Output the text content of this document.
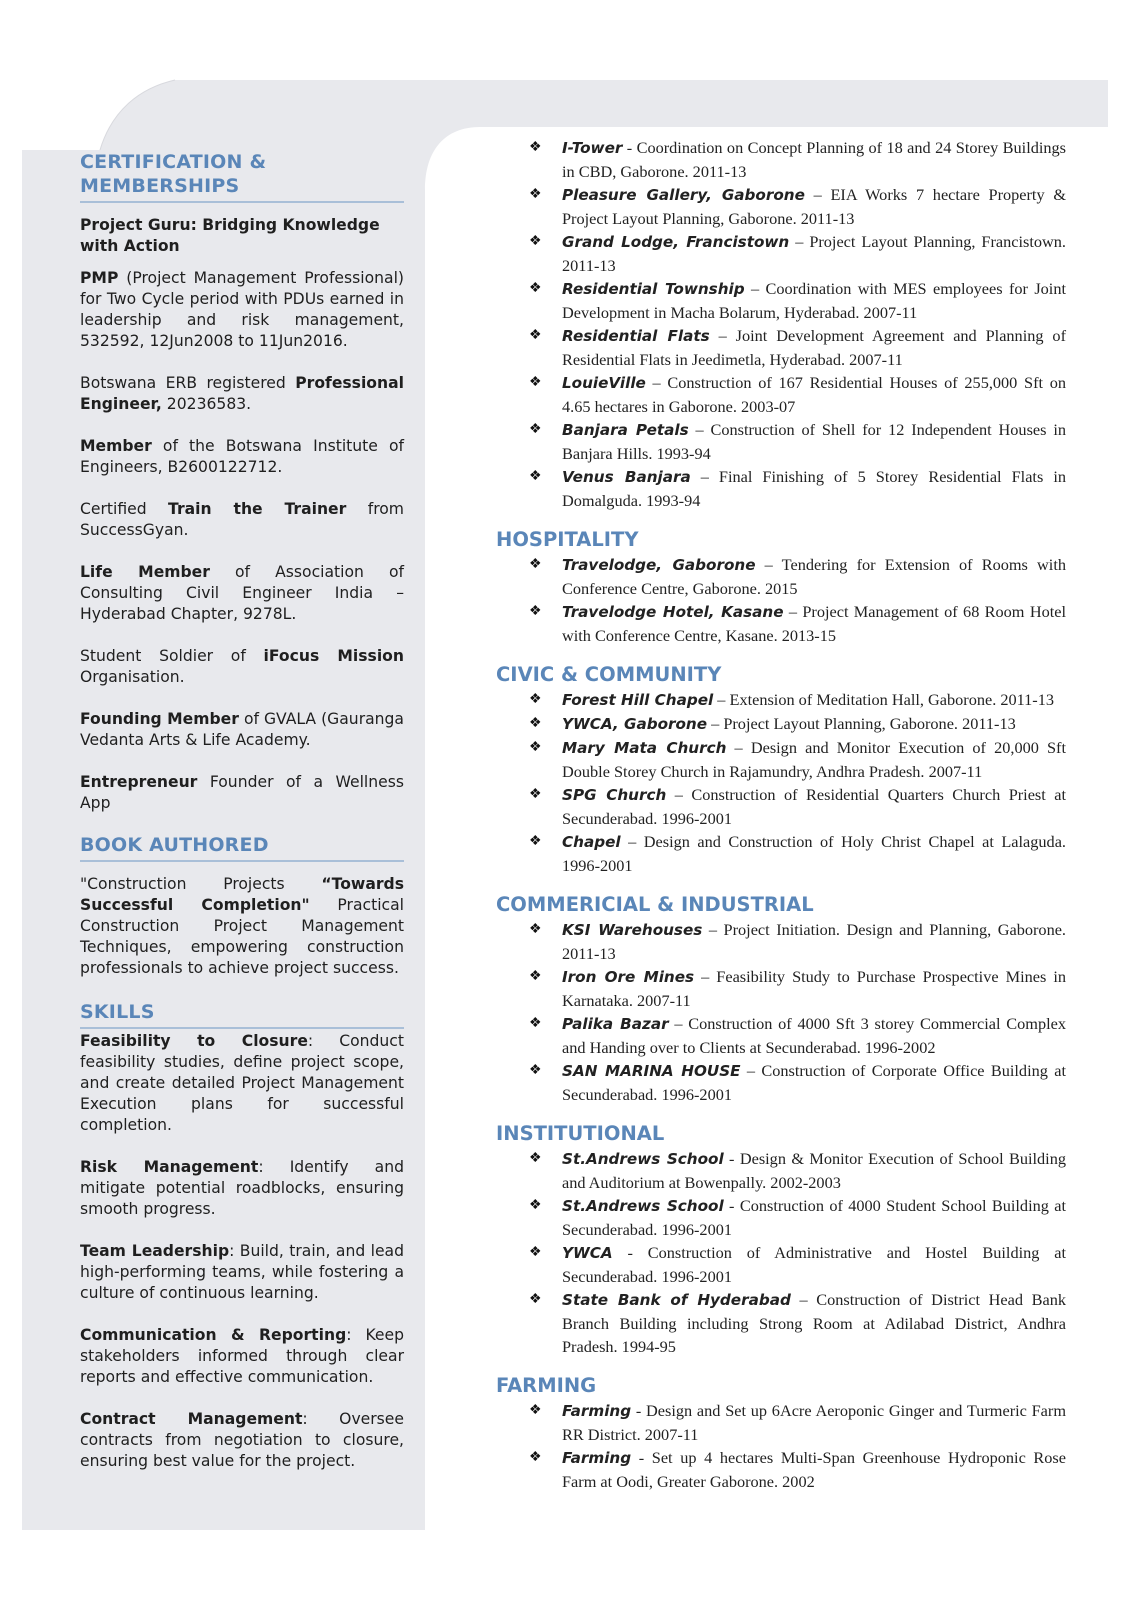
CERTIFICATION & MEMBERSHIPS
Project Guru: Bridging Knowledge with Action
PMP (Project Management Professional) for Two Cycle period with PDUs earned in leadership and risk management, 532592, 12Jun2008 to 11Jun2016.
Botswana ERB registered Professional Engineer, 20236583.
Member of the Botswana Institute of Engineers, B2600122712.
Certified Train the Trainer from SuccessGyan.
Life Member of Association of Consulting Civil Engineer India – Hyderabad Chapter, 9278L.
Student Soldier of iFocus Mission Organisation.
Founding Member of GVALA (Gauranga Vedanta Arts & Life Academy.
Entrepreneur Founder of a Wellness App
BOOK AUTHORED
"Construction Projects “Towards Successful Completion" Practical Construction Project Management Techniques, empowering construction professionals to achieve project success.
SKILLS
Feasibility to Closure: Conduct feasibility studies, define project scope, and create detailed Project Management Execution plans for successful completion.
Risk Management: Identify and mitigate potential roadblocks, ensuring smooth progress.
Team Leadership: Build, train, and lead high-performing teams, while fostering a culture of continuous learning.
Communication & Reporting: Keep stakeholders informed through clear reports and effective communication.
Contract Management: Oversee contracts from negotiation to closure, ensuring best value for the project.
❖ I-Tower - Coordination on Concept Planning of 18 and 24 Storey Buildings in CBD, Gaborone. 2011-13
❖ Pleasure Gallery, Gaborone – EIA Works 7 hectare Property & Project Layout Planning, Gaborone. 2011-13
❖ Grand Lodge, Francistown – Project Layout Planning, Francistown. 2011-13
❖ Residential Township – Coordination with MES employees for Joint Development in Macha Bolarum, Hyderabad. 2007-11
❖ Residential Flats – Joint Development Agreement and Planning of Residential Flats in Jeedimetla, Hyderabad. 2007-11
❖ LouieVille – Construction of 167 Residential Houses of 255,000 Sft on 4.65 hectares in Gaborone. 2003-07
❖ Banjara Petals – Construction of Shell for 12 Independent Houses in Banjara Hills. 1993-94
❖ Venus Banjara – Final Finishing of 5 Storey Residential Flats in Domalguda. 1993-94
HOSPITALITY
❖ Travelodge, Gaborone – Tendering for Extension of Rooms with Conference Centre, Gaborone. 2015
❖ Travelodge Hotel, Kasane – Project Management of 68 Room Hotel with Conference Centre, Kasane. 2013-15
CIVIC & COMMUNITY
❖ Forest Hill Chapel – Extension of Meditation Hall, Gaborone. 2011-13
❖ YWCA, Gaborone – Project Layout Planning, Gaborone. 2011-13
❖ Mary Mata Church – Design and Monitor Execution of 20,000 Sft Double Storey Church in Rajamundry, Andhra Pradesh. 2007-11
❖ SPG Church – Construction of Residential Quarters Church Priest at Secunderabad. 1996-2001
❖ Chapel – Design and Construction of Holy Christ Chapel at Lalaguda. 1996-2001
COMMERICIAL & INDUSTRIAL
❖ KSI Warehouses – Project Initiation. Design and Planning, Gaborone. 2011-13
❖ Iron Ore Mines – Feasibility Study to Purchase Prospective Mines in Karnataka. 2007-11
❖ Palika Bazar – Construction of 4000 Sft 3 storey Commercial Complex and Handing over to Clients at Secunderabad. 1996-2002
❖ SAN MARINA HOUSE – Construction of Corporate Office Building at Secunderabad. 1996-2001
INSTITUTIONAL
❖ St.Andrews School - Design & Monitor Execution of School Building and Auditorium at Bowenpally. 2002-2003
❖ St.Andrews School - Construction of 4000 Student School Building at Secunderabad. 1996-2001
❖ YWCA - Construction of Administrative and Hostel Building at Secunderabad. 1996-2001
❖ State Bank of Hyderabad – Construction of District Head Bank Branch Building including Strong Room at Adilabad District, Andhra Pradesh. 1994-95
FARMING
❖ Farming - Design and Set up 6Acre Aeroponic Ginger and Turmeric Farm RR District. 2007-11
❖ Farming - Set up 4 hectares Multi-Span Greenhouse Hydroponic Rose Farm at Oodi, Greater Gaborone. 2002
